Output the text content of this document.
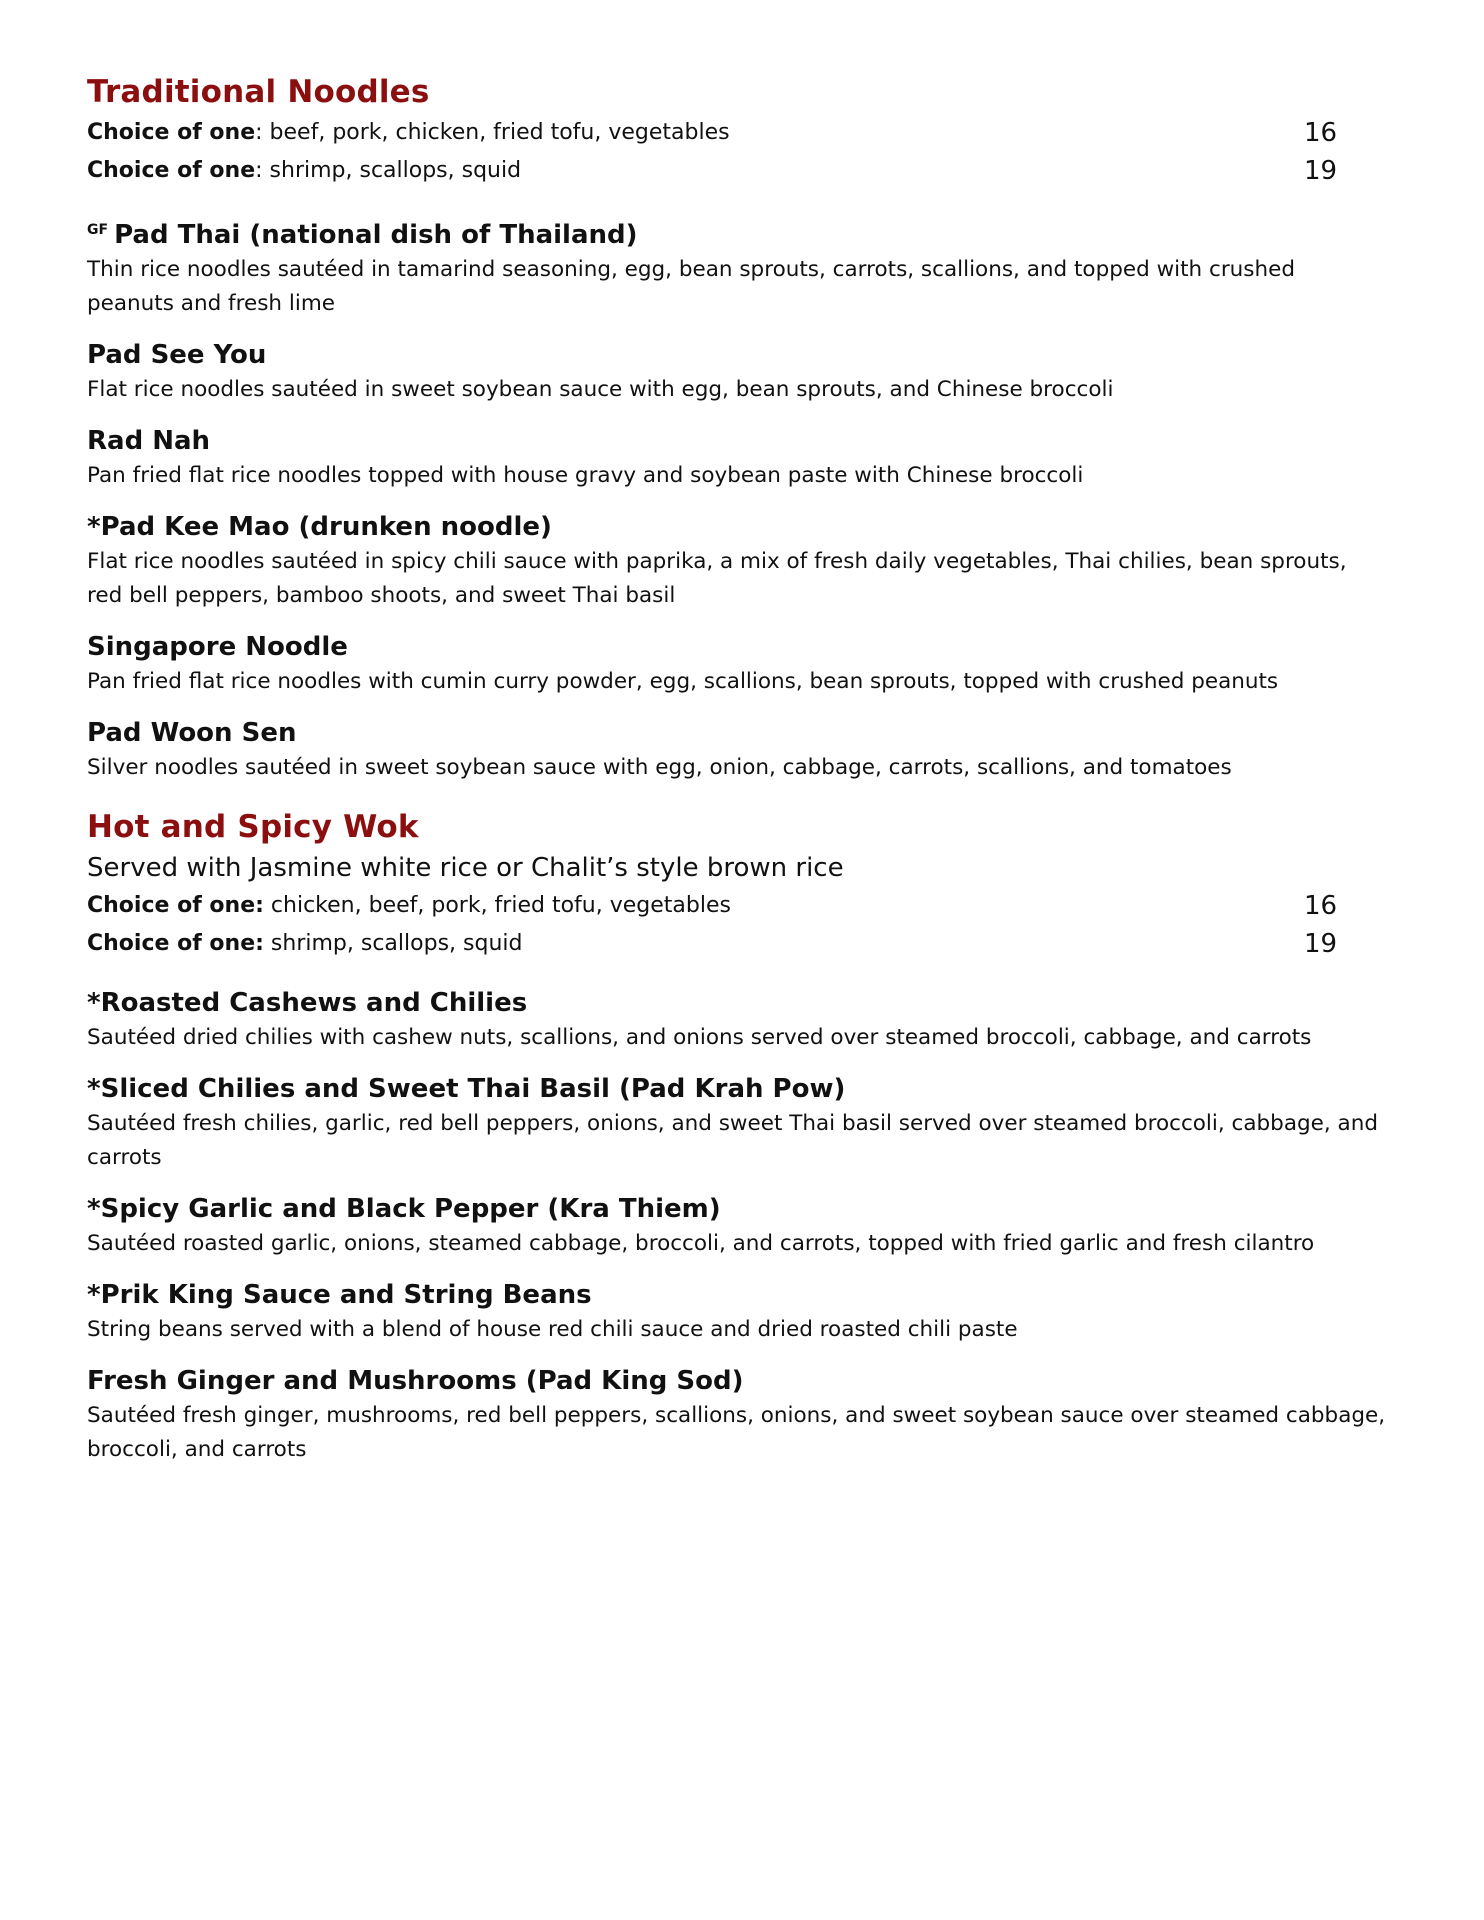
Traditional Noodles
Choice of one: beef, pork, chicken, fried tofu, vegetables	16
Choice of one: shrimp, scallops, squid	19

$^{GF}$ Pad Thai (national dish of Thailand)

Thin rice noodles sautéed in tamarind seasoning, egg, bean sprouts, carrots, scallions, and topped with crushed peanuts and fresh lime

Pad See You

Flat rice noodles sautéed in sweet soybean sauce with egg, bean sprouts, and Chinese broccoli

Rad Nah

Pan fried flat rice noodles topped with house gravy and soybean paste with Chinese broccoli

*Pad Kee Mao (drunken noodle)

Flat rice noodles sautéed in spicy chili sauce with paprika, a mix of fresh daily vegetables, Thai chilies, bean sprouts, red bell peppers, bamboo shoots, and sweet Thai basil

Singapore Noodle

Pan fried flat rice noodles with cumin curry powder, egg, scallions, bean sprouts, topped with crushed peanuts

Pad Woon Sen

Silver noodles sautéed in sweet soybean sauce with egg, onion, cabbage, carrots, scallions, and tomatoes

Hot and Spicy Wok

Served with Jasmine white rice or Chalit’s style brown rice

Choice of one: chicken, beef, pork, fried tofu, vegetables	16
Choice of one: shrimp, scallops, squid	19

*Roasted Cashews and Chilies

Sautéed dried chilies with cashew nuts, scallions, and onions served over steamed broccoli, cabbage, and carrots

*Sliced Chilies and Sweet Thai Basil (Pad Krah Pow)

Sautéed fresh chilies, garlic, red bell peppers, onions, and sweet Thai basil served over steamed broccoli, cabbage, and carrots

*Spicy Garlic and Black Pepper (Kra Thiem)

Sautéed roasted garlic, onions, steamed cabbage, broccoli, and carrots, topped with fried garlic and fresh cilantro

*Prik King Sauce and String Beans

String beans served with a blend of house red chili sauce and dried roasted chili paste

Fresh Ginger and Mushrooms (Pad King Sod)

Sautéed fresh ginger, mushrooms, red bell peppers, scallions, onions, and sweet soybean sauce over steamed cabbage, broccoli, and carrots
